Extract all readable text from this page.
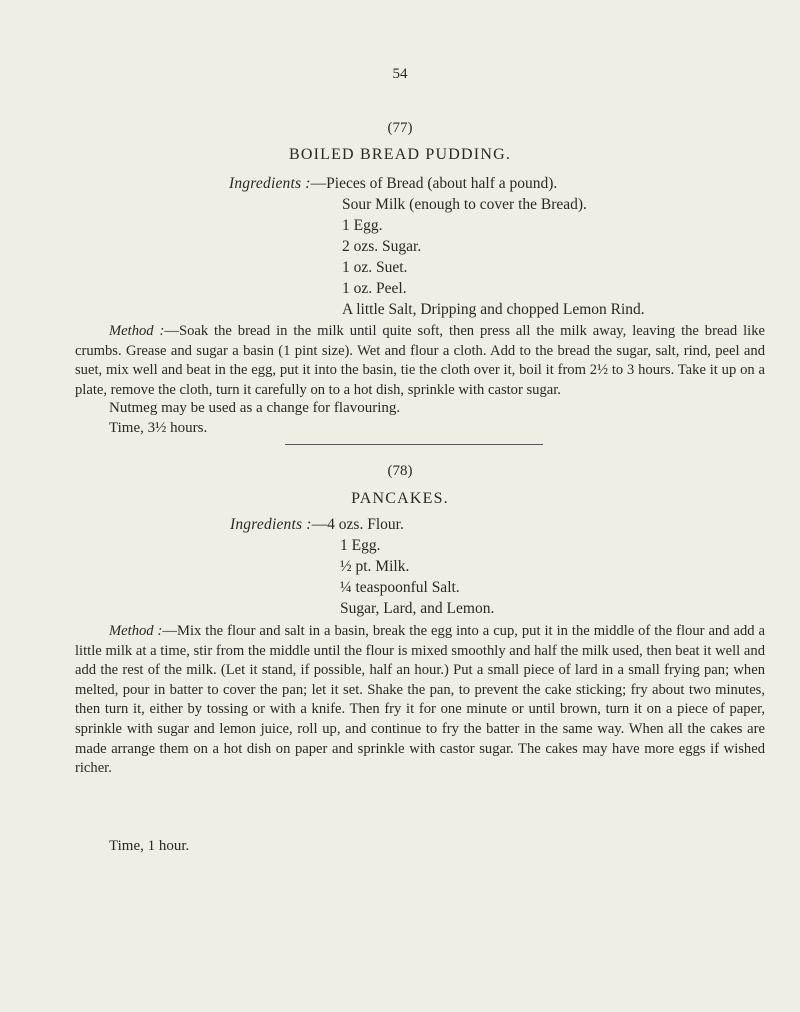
54
(77)
BOILED BREAD PUDDING.
Ingredients :—Pieces of Bread (about half a pound).
Sour Milk (enough to cover the Bread).
1 Egg.
2 ozs. Sugar.
1 oz. Suet.
1 oz. Peel.
A little Salt, Dripping and chopped Lemon Rind.
Method :—Soak the bread in the milk until quite soft, then press all the milk away, leaving the bread like crumbs. Grease and sugar a basin (1 pint size). Wet and flour a cloth. Add to the bread the sugar, salt, rind, peel and suet, mix well and beat in the egg, put it into the basin, tie the cloth over it, boil it from 2½ to 3 hours. Take it up on a plate, remove the cloth, turn it carefully on to a hot dish, sprinkle with castor sugar.
Nutmeg may be used as a change for flavouring.
Time, 3½ hours.
(78)
PANCAKES.
Ingredients :—4 ozs. Flour.
1 Egg.
½ pt. Milk.
¼ teaspoonful Salt.
Sugar, Lard, and Lemon.
Method :—Mix the flour and salt in a basin, break the egg into a cup, put it in the middle of the flour and add a little milk at a time, stir from the middle until the flour is mixed smoothly and half the milk used, then beat it well and add the rest of the milk. (Let it stand, if possible, half an hour.) Put a small piece of lard in a small frying pan; when melted, pour in batter to cover the pan; let it set. Shake the pan, to prevent the cake sticking; fry about two minutes, then turn it, either by tossing or with a knife. Then fry it for one minute or until brown, turn it on a piece of paper, sprinkle with sugar and lemon juice, roll up, and continue to fry the batter in the same way. When all the cakes are made arrange them on a hot dish on paper and sprinkle with castor sugar. The cakes may have more eggs if wished richer.
Time, 1 hour.
